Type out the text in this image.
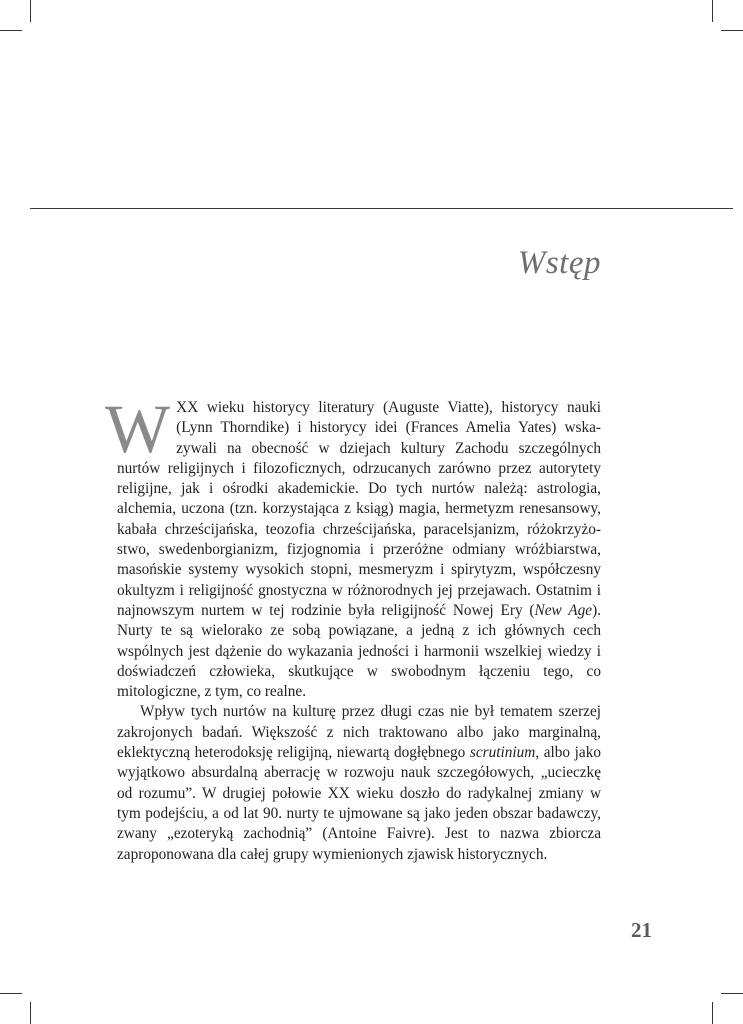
Wstęp

W XX wieku historycy literatury (Auguste Viatte), historycy nauki (Lynn Thorndike) i historycy idei (Frances Amelia Yates) wskazywali na obecność w dziejach kultury Zachodu szczególnych nurtów religijnych i filozoficznych, odrzucanych zarówno przez autorytety religijne, jak i ośrodki akademickie. Do tych nurtów należą: astrologia, alchemia, uczona (tzn. korzystająca z ksiąg) magia, hermetyzm renesansowy, kabała chrześcijańska, teozofia chrześcijańska, paracelsjanizm, różokrzyżostwo, swedenborgianizm, fizjognomia i przeróżne odmiany wróżbiarstwa, masońskie systemy wysokich stopni, mesmeryzm i spirytyzm, współczesny okultyzm i religijność gnostyczna w różnorodnych jej przejawach. Ostatnim i najnowszym nurtem w tej rodzinie była religijność Nowej Ery (New Age). Nurty te są wielorako ze sobą powiązane, a jedną z ich głównych cech wspólnych jest dążenie do wykazania jedności i harmonii wszelkiej wiedzy i doświadczeń człowieka, skutkujące w swobodnym łączeniu tego, co mitologiczne, z tym, co realne.

Wpływ tych nurtów na kulturę przez długi czas nie był tematem szerzej zakrojonych badań. Większość z nich traktowano albo jako marginalną, eklektyczną heterodoksję religijną, niewartą dogłębnego scrutinium, albo jako wyjątkowo absurdalną aberrację w rozwoju nauk szczegółowych, „ucieczkę od rozumu”. W drugiej połowie XX wieku doszło do radykalnej zmiany w tym podejściu, a od lat 90. nurty te ujmowane są jako jeden obszar badawczy, zwany „ezoteryką zachodnią” (Antoine Faivre). Jest to nazwa zbiorcza zaproponowana dla całej grupy wymienionych zjawisk historycznych.

21
